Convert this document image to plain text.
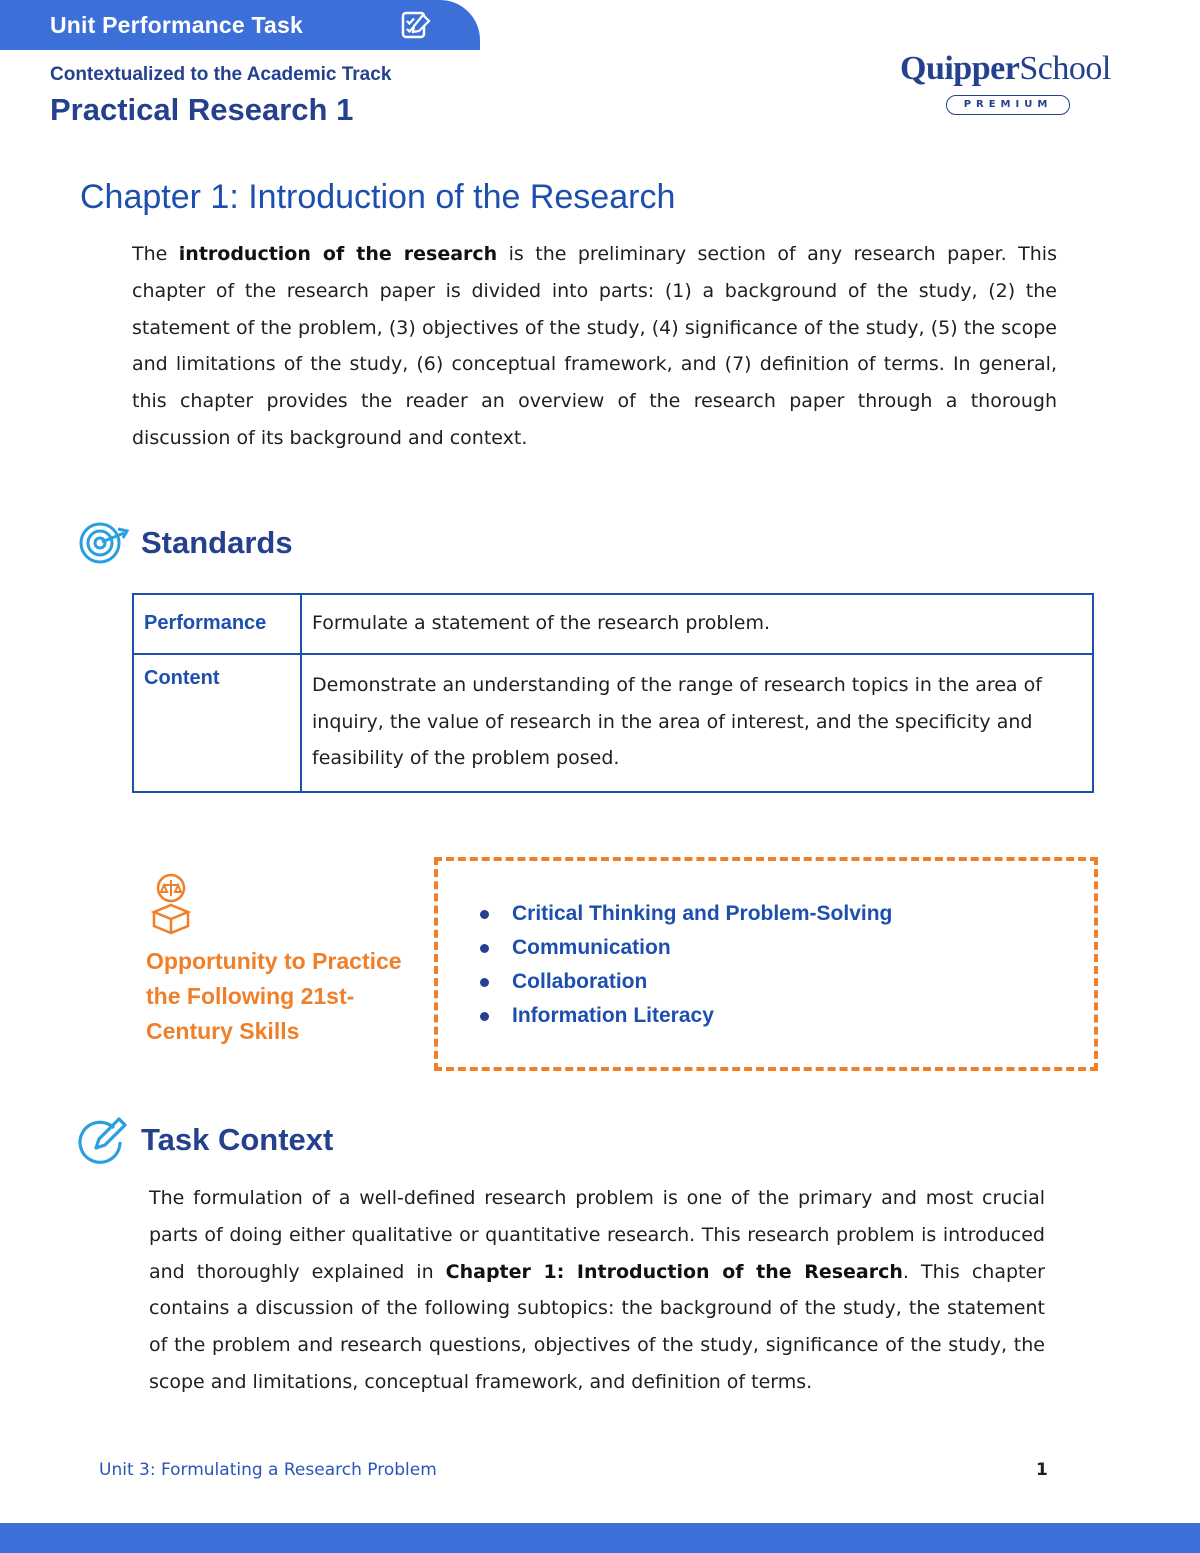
Unit Performance Task
Contextualized to the Academic Track
Practical Research 1
QuipperSchool
PREMIUM
Chapter 1: Introduction of the Research
The introduction of the research is the preliminary section of any research paper. This chapter of the research paper is divided into parts: (1) a background of the study, (2) the statement of the problem, (3) objectives of the study, (4) significance of the study, (5) the scope and limitations of the study, (6) conceptual framework, and (7) definition of terms. In general, this chapter provides the reader an overview of the research paper through a thorough discussion of its background and context.
Standards
Performance	Formulate a statement of the research problem.
Content	Demonstrate an understanding of the range of research topics in the area of inquiry, the value of research in the area of interest, and the specificity and feasibility of the problem posed.
Opportunity to Practice the Following 21st-Century Skills
Critical Thinking and Problem-Solving
Communication
Collaboration
Information Literacy
Task Context
The formulation of a well-defined research problem is one of the primary and most crucial parts of doing either qualitative or quantitative research. This research problem is introduced and thoroughly explained in Chapter 1: Introduction of the Research. This chapter contains a discussion of the following subtopics: the background of the study, the statement of the problem and research questions, objectives of the study, significance of the study, the scope and limitations, conceptual framework, and definition of terms.
Unit 3: Formulating a Research Problem	1
